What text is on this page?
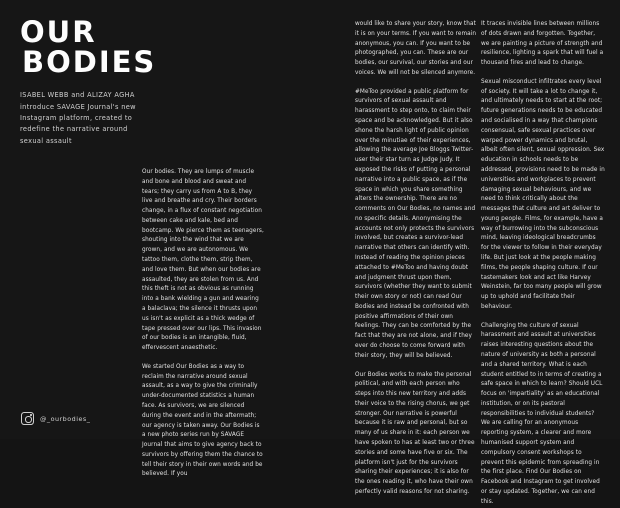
OUR
BODIES
ISABEL WEBB and ALIZAY AGHA introduce SAVAGE Journal's new Instagram platform, created to redefine the narrative around sexual assault
@_ourbodies_

Our bodies. They are lumps of muscle and bone and blood and sweat and tears; they carry us from A to B, they live and breathe and cry. Their borders change, in a flux of constant negotiation between cake and kale, bed and bootcamp. We pierce them as teenagers, shouting into the wind that we are grown, and we are autonomous. We tattoo them, clothe them, strip them, and love them. But when our bodies are assaulted, they are stolen from us. And this theft is not as obvious as running into a bank wielding a gun and wearing a balaclava; the silence it thrusts upon us isn't as explicit as a thick wedge of tape pressed over our lips. This invasion of our bodies is an intangible, fluid, effervescent anaesthetic.

We started Our Bodies as a way to reclaim the narrative around sexual assault, as a way to give the criminally under-documented statistics a human face. As survivors, we are silenced during the event and in the aftermath; our agency is taken away. Our Bodies is a new photo series run by SAVAGE Journal that aims to give agency back to survivors by offering them the chance to tell their story in their own words and be believed. If you

would like to share your story, know that it is on your terms. If you want to remain anonymous, you can. If you want to be photographed, you can. These are our bodies, our survival, our stories and our voices. We will not be silenced anymore.

#MeToo provided a public platform for survivors of sexual assault and harassment to step onto, to claim their space and be acknowledged. But it also shone the harsh light of public opinion over the minutiae of their experiences, allowing the average Joe Bloggs Twitter-user their star turn as Judge Judy. It exposed the risks of putting a personal narrative into a public space, as if the space in which you share something alters the ownership. There are no comments on Our Bodies, no names and no specific details. Anonymising the accounts not only protects the survivors involved, but creates a survivor-lead narrative that others can identify with. Instead of reading the opinion pieces attached to #MeToo and having doubt and judgment thrust upon them, survivors (whether they want to submit their own story or not) can read Our Bodies and instead be confronted with positive affirmations of their own feelings. They can be comforted by the fact that they are not alone, and if they ever do choose to come forward with their story, they will be believed.

Our Bodies works to make the personal political, and with each person who steps into this new territory and adds their voice to the rising chorus, we get stronger. Our narrative is powerful because it is raw and personal, but so many of us share in it: each person we have spoken to has at least two or three stories and some have five or six. The platform isn't just for the survivors sharing their experiences; it is also for the ones reading it, who have their own perfectly valid reasons for not sharing.

It traces invisible lines between millions of dots drawn and forgotten. Together, we are painting a picture of strength and resilience, lighting a spark that will fuel a thousand fires and lead to change.

Sexual misconduct infiltrates every level of society. It will take a lot to change it, and ultimately needs to start at the root; future generations needs to be educated and socialised in a way that champions consensual, safe sexual practices over warped power dynamics and brutal, albeit often silent, sexual oppression. Sex education in schools needs to be addressed, provisions need to be made in universities and workplaces to prevent damaging sexual behaviours, and we need to think critically about the messages that culture and art deliver to young people. Films, for example, have a way of burrowing into the subconscious mind, leaving ideological breadcrumbs for the viewer to follow in their everyday life. But just look at the people making films, the people shaping culture. If our tastemakers look and act like Harvey Weinstein, far too many people will grow up to uphold and facilitate their behaviour.

Challenging the culture of sexual harassment and assault at universities raises interesting questions about the nature of university as both a personal and a shared territory. What is each student entitled to in terms of creating a safe space in which to learn? Should UCL focus on 'impartiality' as an educational institution, or on its pastoral responsibilities to individual students? We are calling for an anonymous reporting system, a clearer and more humanised support system and compulsory consent workshops to prevent this epidemic from spreading in the first place. Find Our Bodies on Facebook and Instagram to get involved or stay updated. Together, we can end this.
